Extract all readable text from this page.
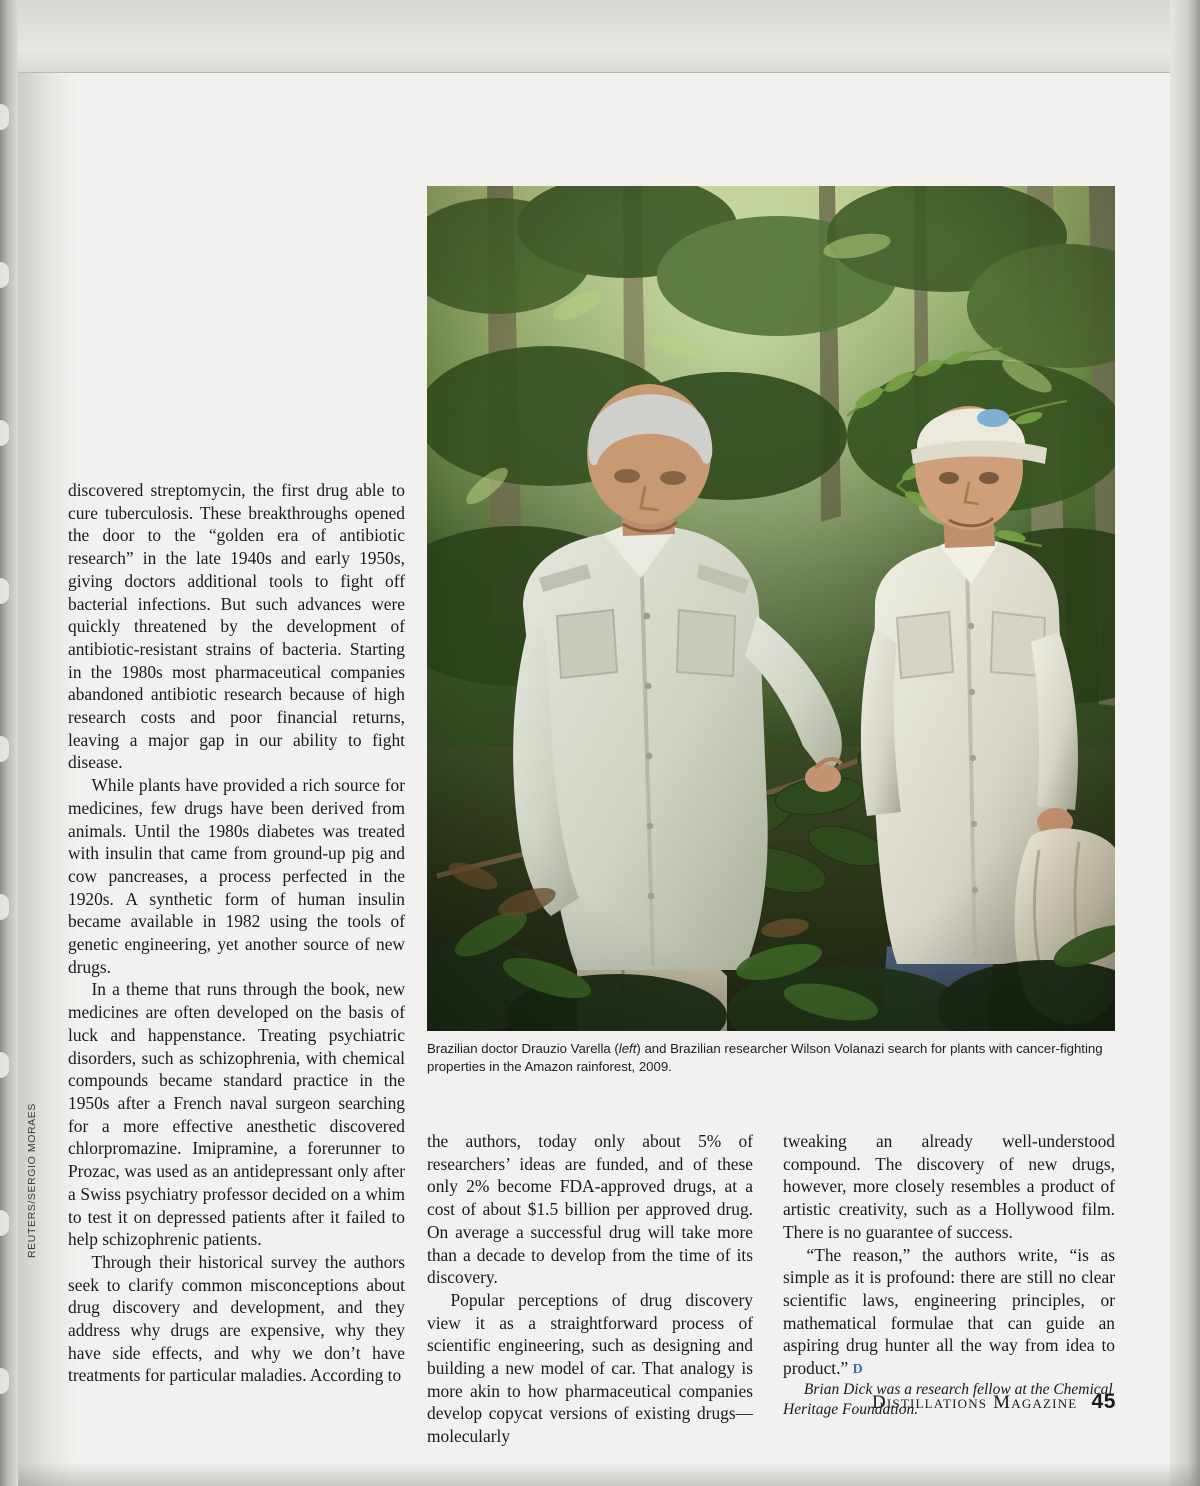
Brazilian doctor Drauzio Varella (left) and Brazilian researcher Wilson Volanazi search for plants with cancer-fighting properties in the Amazon rainforest, 2009.

discovered streptomycin, the first drug able to cure tuberculosis. These breakthroughs opened the door to the “golden era of antibiotic research” in the late 1940s and early 1950s, giving doctors additional tools to fight off bacterial infections. But such advances were quickly threatened by the development of antibiotic-resistant strains of bacteria. Starting in the 1980s most pharmaceutical companies abandoned antibiotic research because of high research costs and poor financial returns, leaving a major gap in our ability to fight disease.

While plants have provided a rich source for medicines, few drugs have been derived from animals. Until the 1980s diabetes was treated with insulin that came from ground-up pig and cow pancreases, a process perfected in the 1920s. A synthetic form of human insulin became available in 1982 using the tools of genetic engineering, yet another source of new drugs.

In a theme that runs through the book, new medicines are often developed on the basis of luck and happenstance. Treating psychiatric disorders, such as schizophrenia, with chemical compounds became standard practice in the 1950s after a French naval surgeon searching for a more effective anesthetic discovered chlorpromazine. Imipramine, a forerunner to Prozac, was used as an antidepressant only after a Swiss psychiatry professor decided on a whim to test it on depressed patients after it failed to help schizophrenic patients.

Through their historical survey the authors seek to clarify common misconceptions about drug discovery and development, and they address why drugs are expensive, why they have side effects, and why we don’t have treatments for particular maladies. According to

the authors, today only about 5% of researchers’ ideas are funded, and of these only 2% become FDA-approved drugs, at a cost of about $1.5 billion per approved drug. On average a successful drug will take more than a decade to develop from the time of its discovery.

Popular perceptions of drug discovery view it as a straightforward process of scientific engineering, such as designing and building a new model of car. That analogy is more akin to how pharmaceutical companies develop copycat versions of existing drugs—molecularly

tweaking an already well-understood compound. The discovery of new drugs, however, more closely resembles a product of artistic creativity, such as a Hollywood film. There is no guarantee of success.

“The reason,” the authors write, “is as simple as it is profound: there are still no clear scientific laws, engineering principles, or mathematical formulae that can guide an aspiring drug hunter all the way from idea to product.” D

Brian Dick was a research fellow at the Chemical Heritage Foundation.

Distillations Magazine 45
